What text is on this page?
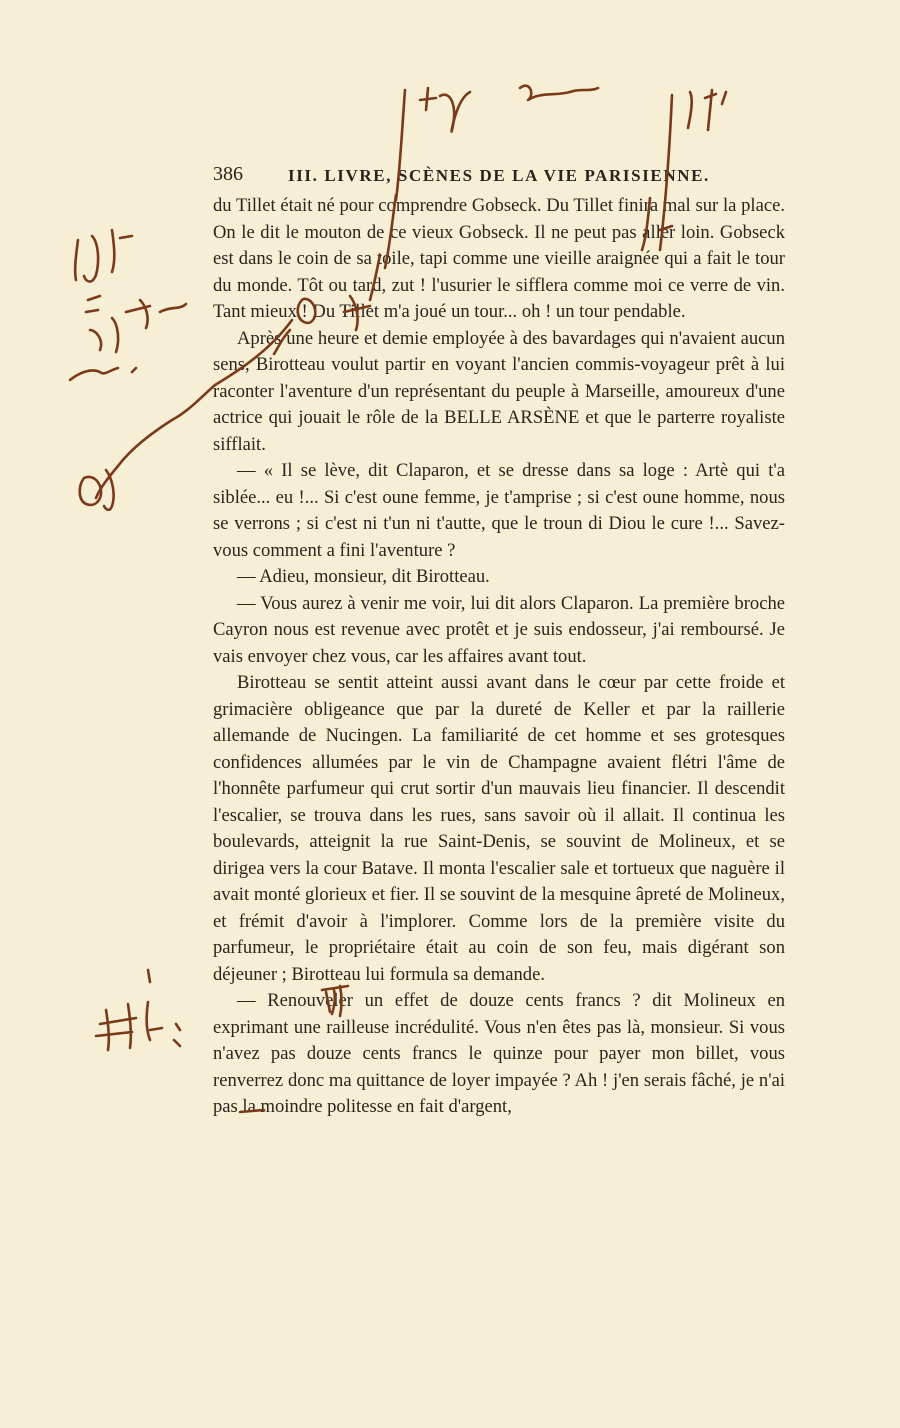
386	III. LIVRE, SCÈNES DE LA VIE PARISIENNE.

du Tillet était né pour comprendre Gobseck. Du Tillet finira mal sur la place. On le dit le mouton de ce vieux Gobseck. Il ne peut pas aller loin. Gobseck est dans le coin de sa toile, tapi comme une vieille araignée qui a fait le tour du monde. Tôt ou tard, zut ! l'usurier le sifflera comme moi ce verre de vin. Tant mieux ! Du Tillet m'a joué un tour... oh ! un tour pendable.

Après une heure et demie employée à des bavardages qui n'avaient aucun sens, Birotteau voulut partir en voyant l'ancien commis-voyageur prêt à lui raconter l'aventure d'un représentant du peuple à Marseille, amoureux d'une actrice qui jouait le rôle de la BELLE ARSÈNE et que le parterre royaliste sifflait.

— « Il se lève, dit Claparon, et se dresse dans sa loge : Artè qui t'a siblée... eu !... Si c'est oune femme, je t'amprise ; si c'est oune homme, nous se verrons ; si c'est ni t'un ni t'autte, que le troun di Diou le cure !... Savez-vous comment a fini l'aventure ?

— Adieu, monsieur, dit Birotteau.

— Vous aurez à venir me voir, lui dit alors Claparon. La première broche Cayron nous est revenue avec protêt et je suis endosseur, j'ai remboursé. Je vais envoyer chez vous, car les affaires avant tout.

Birotteau se sentit atteint aussi avant dans le cœur par cette froide et grimacière obligeance que par la dureté de Keller et par la raillerie allemande de Nucingen. La familiarité de cet homme et ses grotesques confidences allumées par le vin de Champagne avaient flétri l'âme de l'honnête parfumeur qui crut sortir d'un mauvais lieu financier. Il descendit l'escalier, se trouva dans les rues, sans savoir où il allait. Il continua les boulevards, atteignit la rue Saint-Denis, se souvint de Molineux, et se dirigea vers la cour Batave. Il monta l'escalier sale et tortueux que naguère il avait monté glorieux et fier. Il se souvint de la mesquine âpreté de Molineux, et frémit d'avoir à l'implorer. Comme lors de la première visite du parfumeur, le propriétaire était au coin de son feu, mais digérant son déjeuner ; Birotteau lui formula sa demande.

— Renouveler un effet de douze cents francs ? dit Molineux en exprimant une railleuse incrédulité. Vous n'en êtes pas là, monsieur. Si vous n'avez pas douze cents francs le quinze pour payer mon billet, vous renverrez donc ma quittance de loyer impayée ? Ah ! j'en serais fâché, je n'ai pas la moindre politesse en fait d'argent,
